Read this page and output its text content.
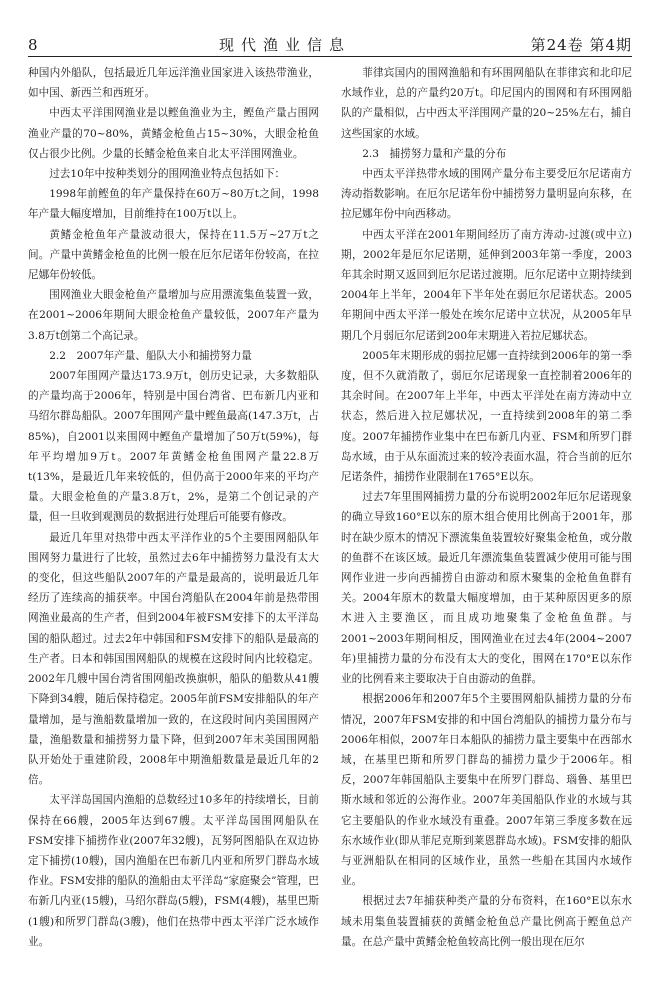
8	现代渔业信息	第24卷 第4期

种国内外船队，包括最近几年远洋渔业国家进入该热带渔业，如中国、新西兰和西班牙。

中西太平洋围网渔业是以鲣鱼渔业为主，鲣鱼产量占围网渔业产量的70~80%，黄鳍金枪鱼占15~30%，大眼金枪鱼仅占很少比例。少量的长鳍金枪鱼来自北太平洋围网渔业。

过去10年中按种类划分的围网渔业特点包括如下：

1998年前鲣鱼的年产量保持在60万~80万t之间，1998年产量大幅度增加，目前维持在100万t以上。

黄鳍金枪鱼年产量波动很大，保持在11.5万~27万t之间。产量中黄鳍金枪鱼的比例一般在厄尔尼诺年份较高，在拉尼娜年份较低。

围网渔业大眼金枪鱼产量增加与应用漂流集鱼装置一致，在2001~2006年期间大眼金枪鱼产量较低，2007年产量为3.8万t创第二个高记录。

2.2　2007年产量、船队大小和捕捞努力量

2007年围网产量达173.9万t，创历史记录，大多数船队的产量均高于2006年，特别是中国台湾省、巴布新几内亚和马绍尔群岛船队。2007年围网产量中鲣鱼最高(147.3万t，占85%)，自2001以来围网中鲣鱼产量增加了50万t(59%)，每年平均增加9万t。2007年黄鳍金枪鱼围网产量22.8万t(13%，是最近几年来较低的，但仍高于2000年来的平均产量。大眼金枪鱼的产量3.8万t，2%，是第二个创记录的产量，但一旦收到观测员的数据进行处理后可能要有修改。

最近几年里对热带中西太平洋作业的5个主要围网船队年围网努力量进行了比较，虽然过去6年中捕捞努力量没有太大的变化，但这些船队2007年的产量是最高的，说明最近几年经历了连续高的捕获率。中国台湾船队在2004年前是热带围网渔业最高的生产者，但到2004年被FSM安排下的太平洋岛国的船队超过。过去2年中韩国和FSM安排下的船队是最高的生产者。日本和韩国围网船队的规模在这段时间内比较稳定。2002年几艘中国台湾省围网船改换旗帜，船队的船数从41艘下降到34艘，随后保持稳定。2005年前FSM安排船队的年产量增加，是与渔船数量增加一致的，在这段时间内美国围网产量，渔船数量和捕捞努力量下降，但到2007年末美国围网船队开始处于重建阶段，2008年中期渔船数量是最近几年的2倍。

太平洋岛国国内渔船的总数经过10多年的持续增长，目前保持在66艘，2005年达到67艘。太平洋岛国围网船队在FSM安排下捕捞作业(2007年32艘)，瓦努阿图船队在双边协定下捕捞(10艘)，国内渔船在巴布新几内亚和所罗门群岛水域作业。FSM安排的船队的渔船由太平洋岛“家庭聚会”管理，巴布新几内亚(15艘)，马绍尔群岛(5艘)，FSM(4艘)，基里巴斯(1艘)和所罗门群岛(3艘)，他们在热带中西太平洋广泛水域作业。

菲律宾国内的围网渔船和有环围网船队在菲律宾和北印尼水域作业，总的产量约20万t。印尼国内的围网和有环围网船队的产量相似，占中西太平洋围网产量的20~25%左右，捕自这些国家的水域。

2.3　捕捞努力量和产量的分布

中西太平洋热带水域的围网产量分布主要受厄尔尼诺南方涛动指数影响。在厄尔尼诺年份中捕捞努力量明显向东移，在拉尼娜年份中向西移动。

中西太平洋在2001年期间经历了南方涛动-过渡(或中立)期，2002年是厄尔尼诺期，延伸到2003年第一季度，2003年其余时期又返回到厄尔尼诺过渡期。厄尔尼诺中立期持续到2004年上半年，2004年下半年处在弱厄尔尼诺状态。2005年期间中西太平洋一般处在埃尔尼诺中立状况，从2005年早期几个月弱厄尔尼诺到200年末期进入若拉尼娜状态。

2005年末期形成的弱拉尼娜一直持续到2006年的第一季度，但不久就消散了，弱厄尔尼诺现象一直控制着2006年的其余时间。在2007年上半年，中西太平洋处在南方涛动中立状态，然后进入拉尼娜状况，一直持续到2008年的第二季度。2007年捕捞作业集中在巴布新几内亚、FSM和所罗门群岛水域，由于从东面流过来的较冷表面水温，符合当前的厄尔尼诺条件，捕捞作业限制在1765°E以东。

过去7年里围网捕捞力量的分布说明2002年厄尔尼诺现象的确立导致160°E以东的原木组合使用比例高于2001年，那时在缺少原木的情况下漂流集鱼装置较好聚集金枪鱼，或分散的鱼群不在该区域。最近几年漂流集鱼装置减少使用可能与围网作业进一步向西捕捞自由游动和原木聚集的金枪鱼鱼群有关。2004年原木的数量大幅度增加，由于某种原因更多的原木进入主要渔区，而且成功地聚集了金枪鱼鱼群。与2001~2003年期间相反，围网渔业在过去4年(2004~2007年)里捕捞力量的分布没有太大的变化，围网在170°E以东作业的比例看来主要取决于自由游动的鱼群。

根据2006年和2007年5个主要围网船队捕捞力量的分布情况，2007年FSM安排的和中国台湾船队的捕捞力量分布与2006年相似，2007年日本船队的捕捞力量主要集中在西部水域，在基里巴斯和所罗门群岛的捕捞力量少于2006年。相反，2007年韩国船队主要集中在所罗门群岛、瑙鲁、基里巴斯水域和邻近的公海作业。2007年美国船队作业的水域与其它主要船队的作业水域没有重叠。2007年第三季度多数在远东水域作业(即从菲尼克斯到莱恩群岛水域)。FSM安排的船队与亚洲船队在相同的区域作业，虽然一些船在其国内水域作业。

根据过去7年捕获种类产量的分布资料，在160°E以东水域未用集鱼装置捕获的黄鳍金枪鱼总产量比例高于鲣鱼总产量。在总产量中黄鳍金枪鱼较高比例一般出现在厄尔
